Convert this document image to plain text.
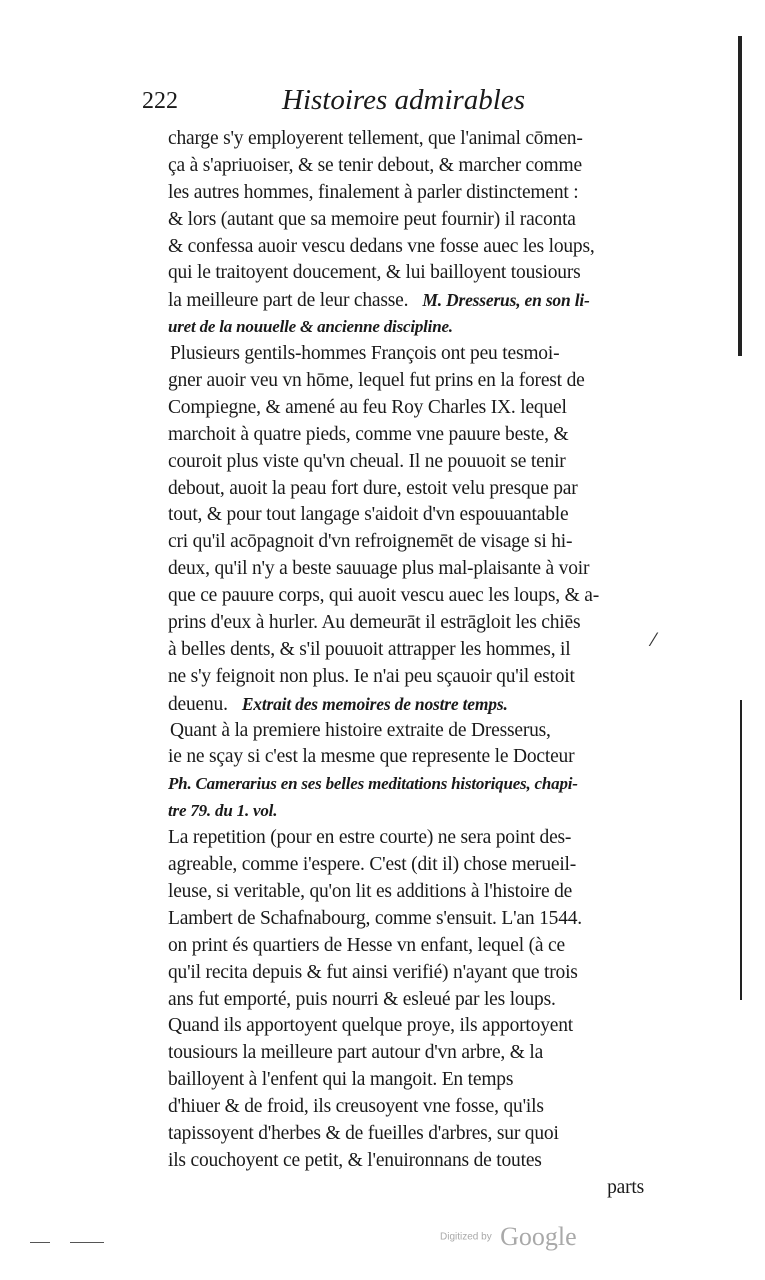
222	Histoires admirables
charge s'y employerent tellement, que l'animal cōmen-
ça à s'apriuoiser, & se tenir debout, & marcher comme
les autres hommes, finalement à parler distinctement :
& lors (autant que sa memoire peut fournir) il raconta
& confessa auoir vescu dedans vne fosse auec les loups,
qui le traitoyent doucement, & lui bailloyent tousiours
la meilleure part de leur chasse. M. Dresserus, en son li-
uret de la nouuelle & ancienne discipline.
Plusieurs gentils-hommes François ont peu tesmoi-
gner auoir veu vn hōme, lequel fut prins en la forest de
Compiegne, & amené au feu Roy Charles IX. lequel
marchoit à quatre pieds, comme vne pauure beste, &
couroit plus viste qu'vn cheual. Il ne pouuoit se tenir
debout, auoit la peau fort dure, estoit velu presque par
tout, & pour tout langage s'aidoit d'vn espouuantable
cri qu'il acōpagnoit d'vn refroignemēt de visage si hi-
deux, qu'il n'y a beste sauuage plus mal-plaisante à voir
que ce pauure corps, qui auoit vescu auec les loups, & a-
prins d'eux à hurler. Au demeurāt il estrāgloit les chiēs
à belles dents, & s'il pouuoit attrapper les hommes, il
ne s'y feignoit non plus. Ie n'ai peu sçauoir qu'il estoit
deuenu. Extrait des memoires de nostre temps.
Quant à la premiere histoire extraite de Dresserus,
ie ne sçay si c'est la mesme que represente le Docteur
Ph. Camerarius en ses belles meditations historiques, chapi-
tre 79. du 1. vol.
La repetition (pour en estre courte) ne sera point des-
agreable, comme i'espere. C'est (dit il) chose merueil-
leuse, si veritable, qu'on lit es additions à l'histoire de
Lambert de Schafnabourg, comme s'ensuit. L'an 1544.
on print és quartiers de Hesse vn enfant, lequel (à ce
qu'il recita depuis & fut ainsi verifié) n'ayant que trois
ans fut emporté, puis nourri & esleué par les loups.
Quand ils apportoyent quelque proye, ils apportoyent
tousiours la meilleure part autour d'vn arbre, & la
bailloyent à l'enfent qui la mangoit. En temps
d'hiuer & de froid, ils creusoyent vne fosse, qu'ils
tapissoyent d'herbes & de fueilles d'arbres, sur quoi
ils couchoyent ce petit, & l'enuironnans de toutes
parts
⁄
Digitized by Google
